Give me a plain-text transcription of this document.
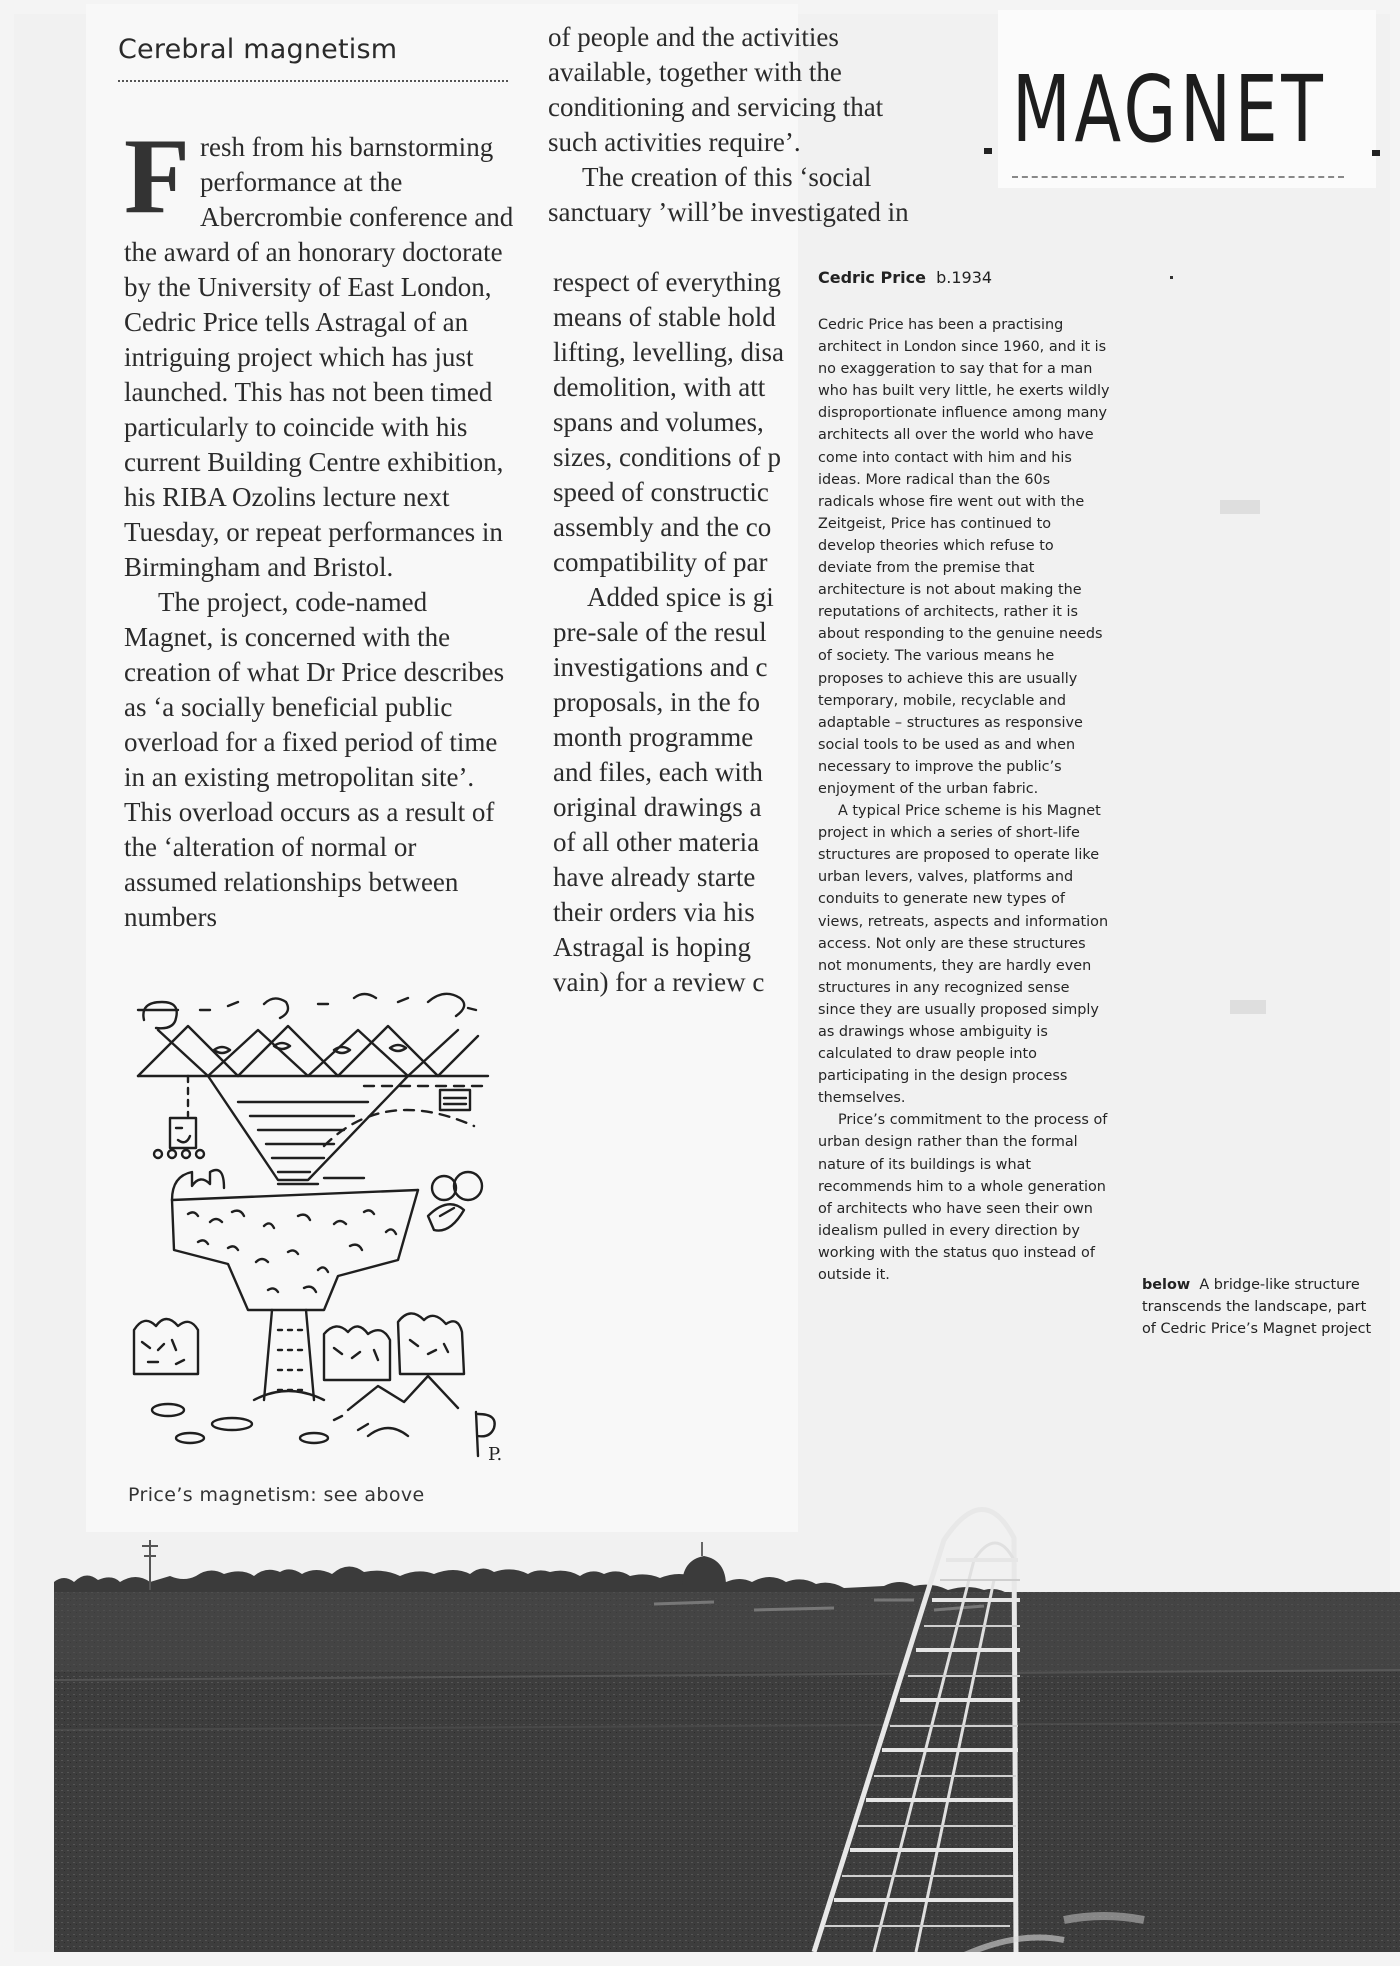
Cerebral magnetism
F resh from his barnstorming performance at the Abercrombie conference and the award of an honorary doctorate by the University of East London, Cedric Price tells Astragal of an intriguing project which has just launched. This has not been timed particularly to coincide with his current Building Centre exhibition, his RIBA Ozolins lecture next Tuesday, or repeat performances in Birmingham and Bristol.

The project, code-named Magnet, is concerned with the creation of what Dr Price describes as ‘a socially beneficial public overload for a fixed period of time in an existing metropolitan site’. This overload occurs as a result of the ‘alteration of normal or assumed relationships between numbers

of people and the activities available, together with the conditioning and servicing that such activities require’.

The creation of this ‘social sanctuary ’will’be investigated in

respect of everything

means of stable hold

lifting, levelling, disa

demolition, with att

spans and volumes,

sizes, conditions of p

speed of constructic

assembly and the co

compatibility of par

Added spice is gi

pre-sale of the resul

investigations and c

proposals, in the fo

month programme

and files, each with

original drawings a

of all other materia

have already starte

their orders via his

Astragal is hoping

vain) for a review c

P.

Price’s magnetism: see above

MAGNET

Cedric Price b.1934

Cedric Price has been a practising architect in London since 1960, and it is no exaggeration to say that for a man who has built very little, he exerts wildly disproportionate influence among many architects all over the world who have come into contact with him and his ideas. More radical than the 60s radicals whose fire went out with the Zeitgeist, Price has continued to develop theories which refuse to deviate from the premise that architecture is not about making the reputations of architects, rather it is about responding to the genuine needs of society. The various means he proposes to achieve this are usually temporary, mobile, recyclable and adaptable – structures as responsive social tools to be used as and when necessary to improve the public’s enjoyment of the urban fabric.

A typical Price scheme is his Magnet project in which a series of short-life structures are proposed to operate like urban levers, valves, platforms and conduits to generate new types of views, retreats, aspects and information access. Not only are these structures not monuments, they are hardly even structures in any recognized sense since they are usually proposed simply as drawings whose ambiguity is calculated to draw people into participating in the design process themselves.

Price’s commitment to the process of urban design rather than the formal nature of its buildings is what recommends him to a whole generation of architects who have seen their own idealism pulled in every direction by working with the status quo instead of outside it.

below A bridge-like structure transcends the landscape, part of Cedric Price’s Magnet project
